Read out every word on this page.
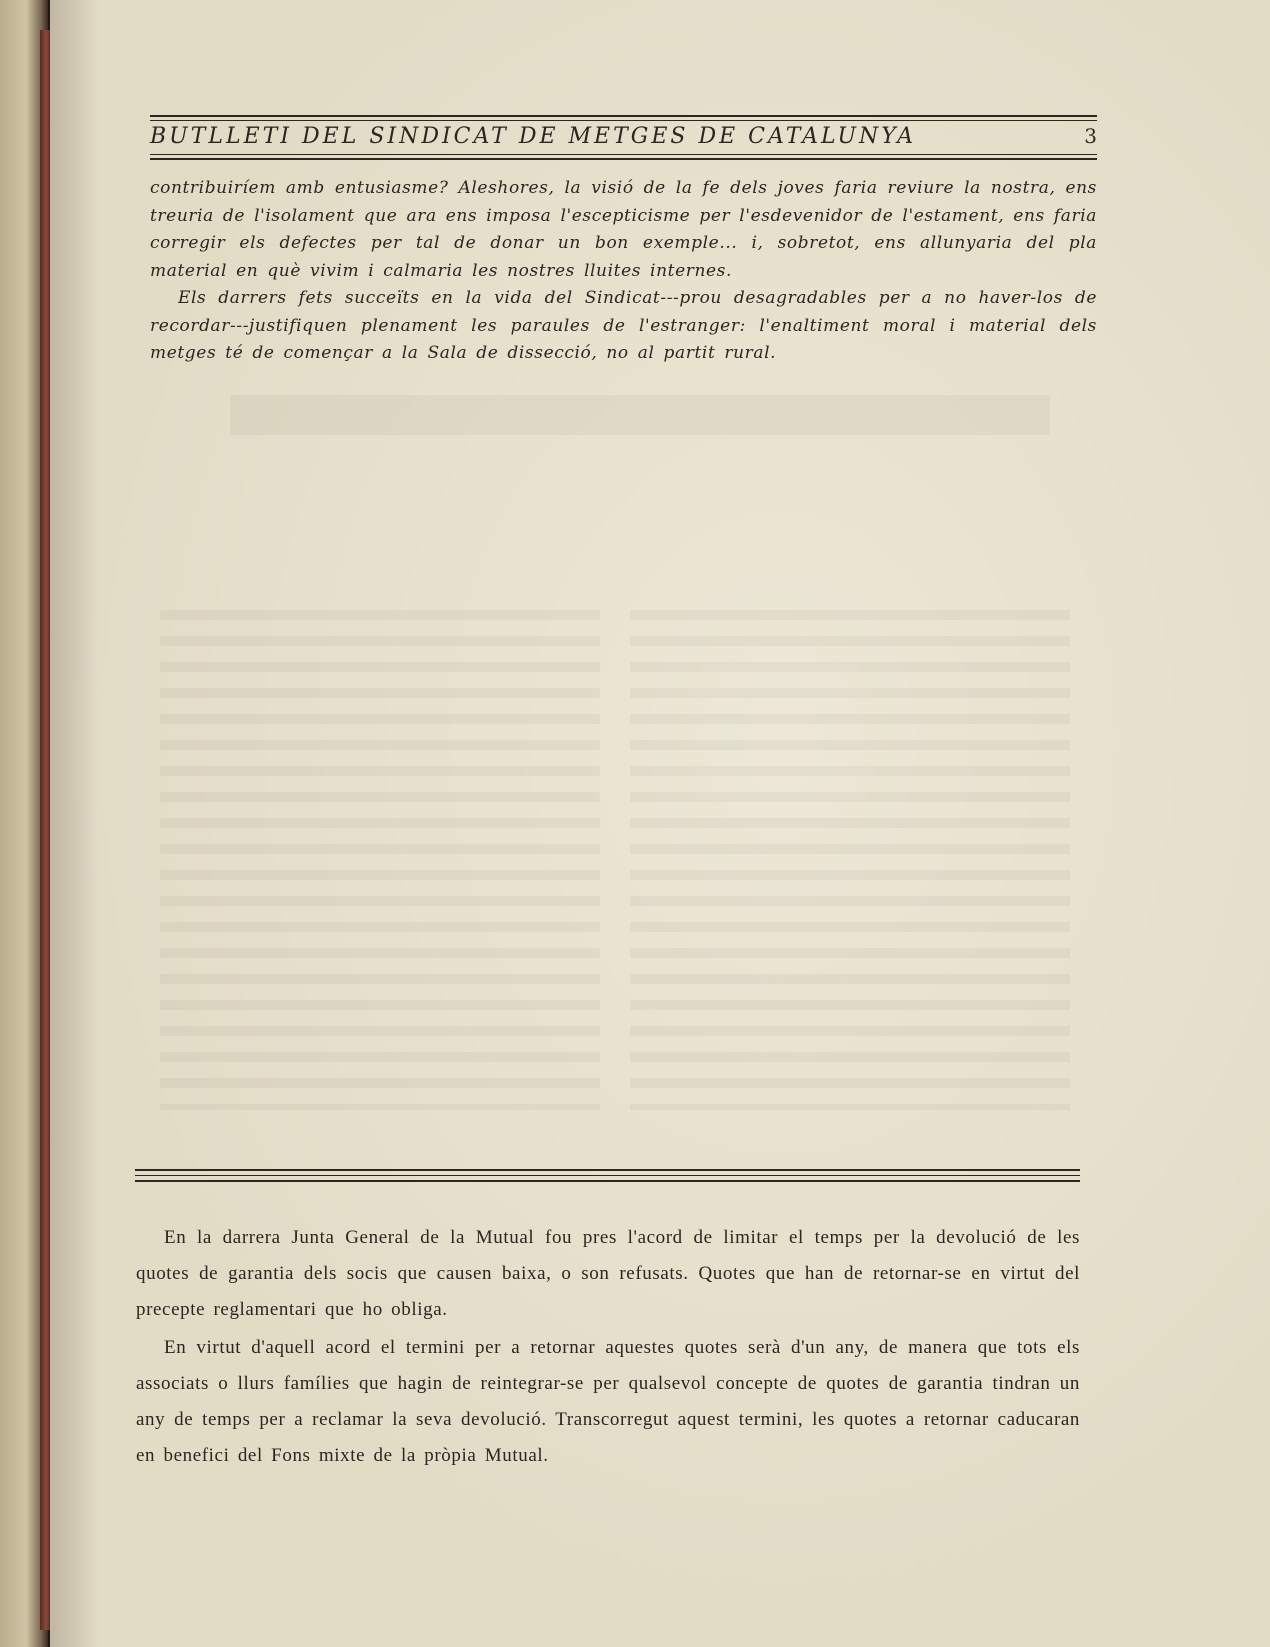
BUTLLETI DEL SINDICAT DE METGES DE CATALUNYA	3

contribuiríem amb entusiasme? Aleshores, la visió de la fe dels joves faria reviure la nostra, ens treuria de l'isolament que ara ens imposa l'escepticisme per l'esdevenidor de l'estament, ens faria corregir els defectes per tal de donar un bon exemple... i, sobretot, ens allunyaria del pla material en què vivim i calmaria les nostres lluites internes.

Els darrers fets succeïts en la vida del Sindicat---prou desagradables per a no haver-los de recordar---justifiquen plenament les paraules de l'estranger: l'enaltiment moral i material dels metges té de començar a la Sala de dissecció, no al partit rural.

En la darrera Junta General de la Mutual fou pres l'acord de limitar el temps per la devolució de les quotes de garantia dels socis que causen baixa, o son refusats. Quotes que han de retornar-se en virtut del precepte reglamentari que ho obliga.

En virtut d'aquell acord el termini per a retornar aquestes quotes serà d'un any, de manera que tots els associats o llurs famílies que hagin de reintegrar-se per qualsevol concepte de quotes de garantia tindran un any de temps per a reclamar la seva devolució. Transcorregut aquest termini, les quotes a retornar caducaran en benefici del Fons mixte de la pròpia Mutual.
